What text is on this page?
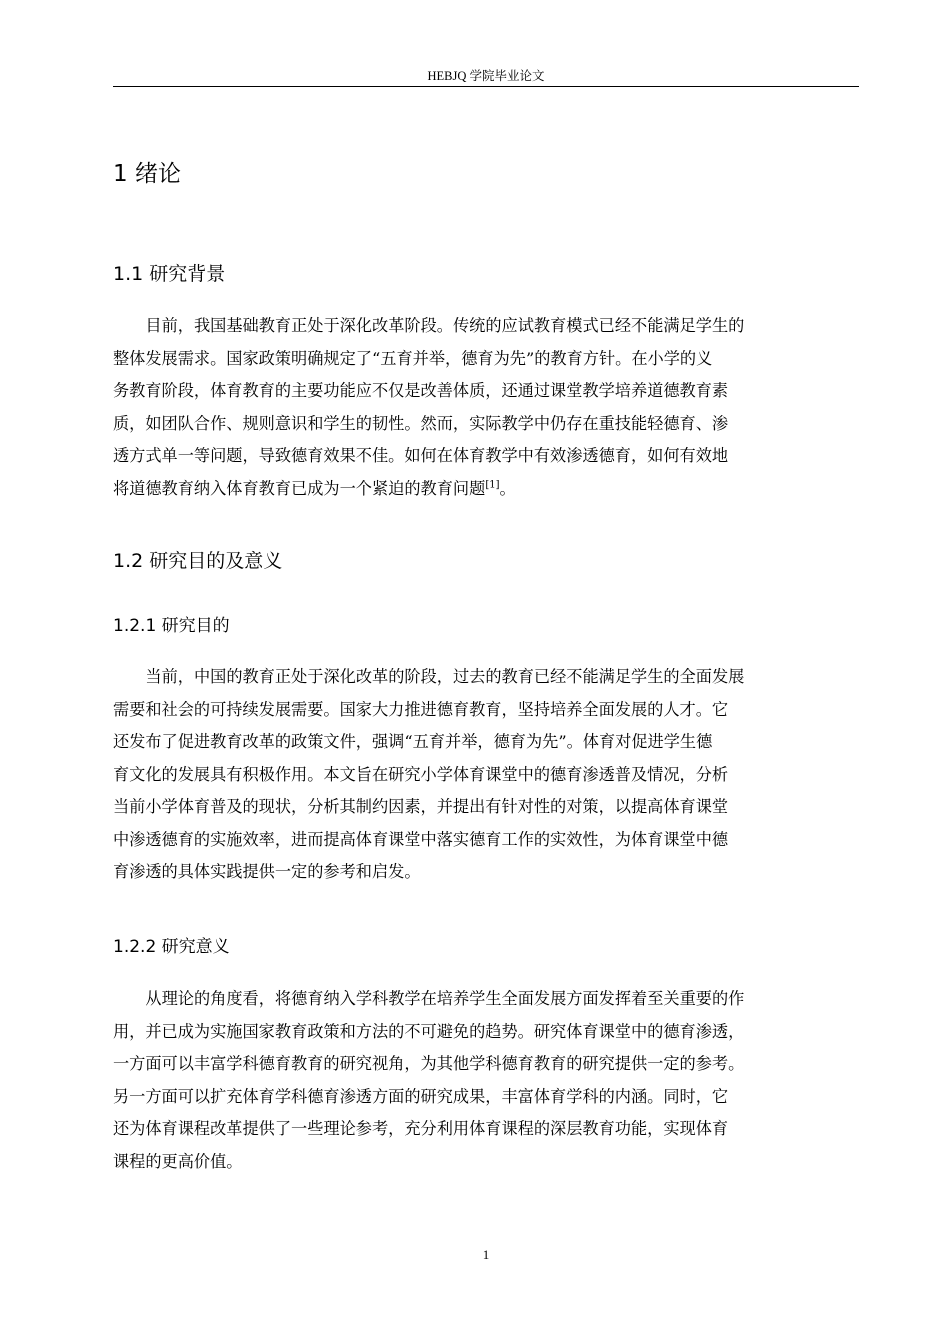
HEBJQ 学院毕业论文
1 绪论
1.1 研究背景

目前，我国基础教育正处于深化改革阶段。传统的应试教育模式已经不能满足学生的
整体发展需求。国家政策明确规定了“五育并举，德育为先”的教育方针。在小学的义
务教育阶段，体育教育的主要功能应不仅是改善体质，还通过课堂教学培养道德教育素
质，如团队合作、规则意识和学生的韧性。然而，实际教学中仍存在重技能轻德育、渗
透方式单一等问题，导致德育效果不佳。如何在体育教学中有效渗透德育，如何有效地
将道德教育纳入体育教育已成为一个紧迫的教育问题[1]。

1.2 研究目的及意义
1.2.1 研究目的

当前，中国的教育正处于深化改革的阶段，过去的教育已经不能满足学生的全面发展
需要和社会的可持续发展需要。国家大力推进德育教育，坚持培养全面发展的人才。它
还发布了促进教育改革的政策文件，强调“五育并举，德育为先”。体育对促进学生德
育文化的发展具有积极作用。本文旨在研究小学体育课堂中的德育渗透普及情况，分析
当前小学体育普及的现状，分析其制约因素，并提出有针对性的对策，以提高体育课堂
中渗透德育的实施效率，进而提高体育课堂中落实德育工作的实效性，为体育课堂中德
育渗透的具体实践提供一定的参考和启发。

1.2.2 研究意义

从理论的角度看，将德育纳入学科教学在培养学生全面发展方面发挥着至关重要的作
用，并已成为实施国家教育政策和方法的不可避免的趋势。研究体育课堂中的德育渗透，
一方面可以丰富学科德育教育的研究视角，为其他学科德育教育的研究提供一定的参考。
另一方面可以扩充体育学科德育渗透方面的研究成果，丰富体育学科的内涵。同时，它
还为体育课程改革提供了一些理论参考，充分利用体育课程的深层教育功能，实现体育
课程的更高价值。

1
